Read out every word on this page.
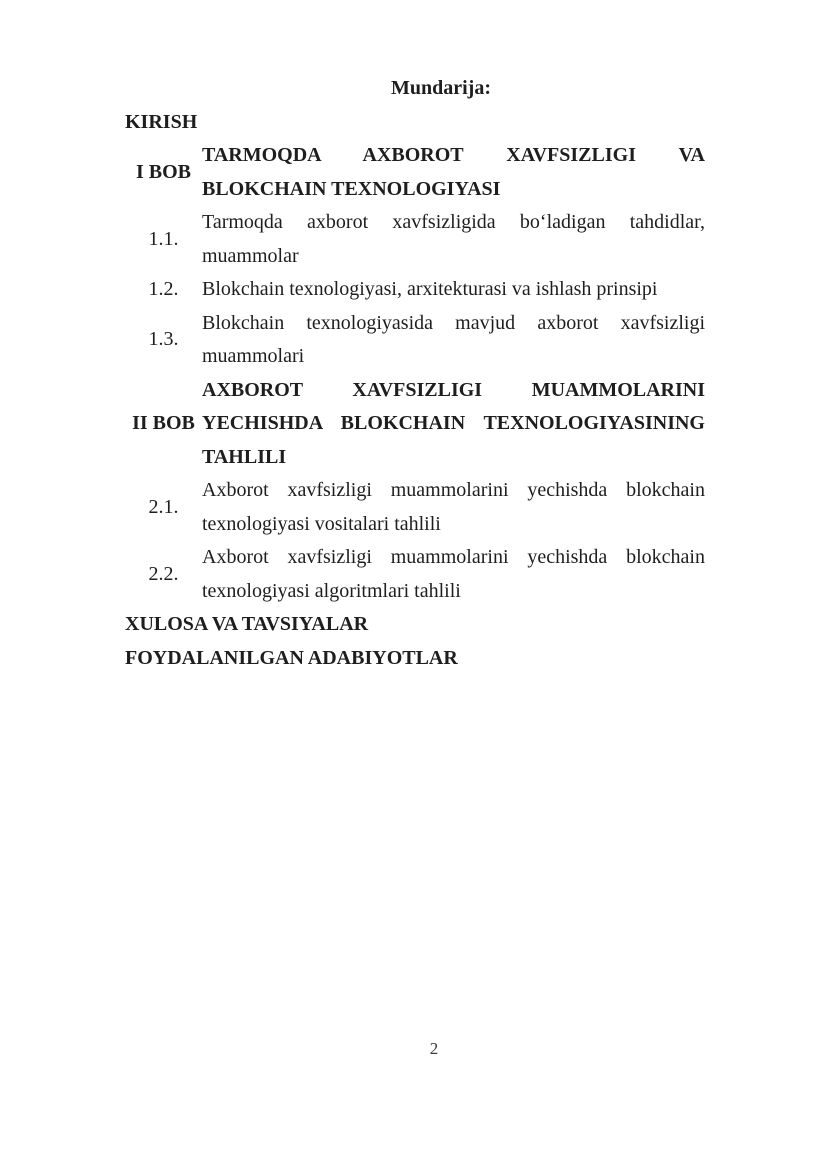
Mundarija:
KIRISH
I BOB
TARMOQDA AXBOROT XAVFSIZLIGI VA BLOKCHAIN TEXNOLOGIYASI
1.1.
Tarmoqda axborot xavfsizligida bo‘ladigan tahdidlar, muammolar
1.2.	Blokchain texnologiyasi, arxitekturasi va ishlash prinsipi
1.3.
Blokchain texnologiyasida mavjud axborot xavfsizligi muammolari
II BOB
AXBOROT XAVFSIZLIGI MUAMMOLARINI YECHISHDA BLOKCHAIN TEXNOLOGIYASINING TAHLILI
2.1.
Axborot xavfsizligi muammolarini yechishda blokchain texnologiyasi vositalari tahlili
2.2.
Axborot xavfsizligi muammolarini yechishda blokchain texnologiyasi algoritmlari tahlili
XULOSA VA TAVSIYALAR
FOYDALANILGAN ADABIYOTLAR
2
